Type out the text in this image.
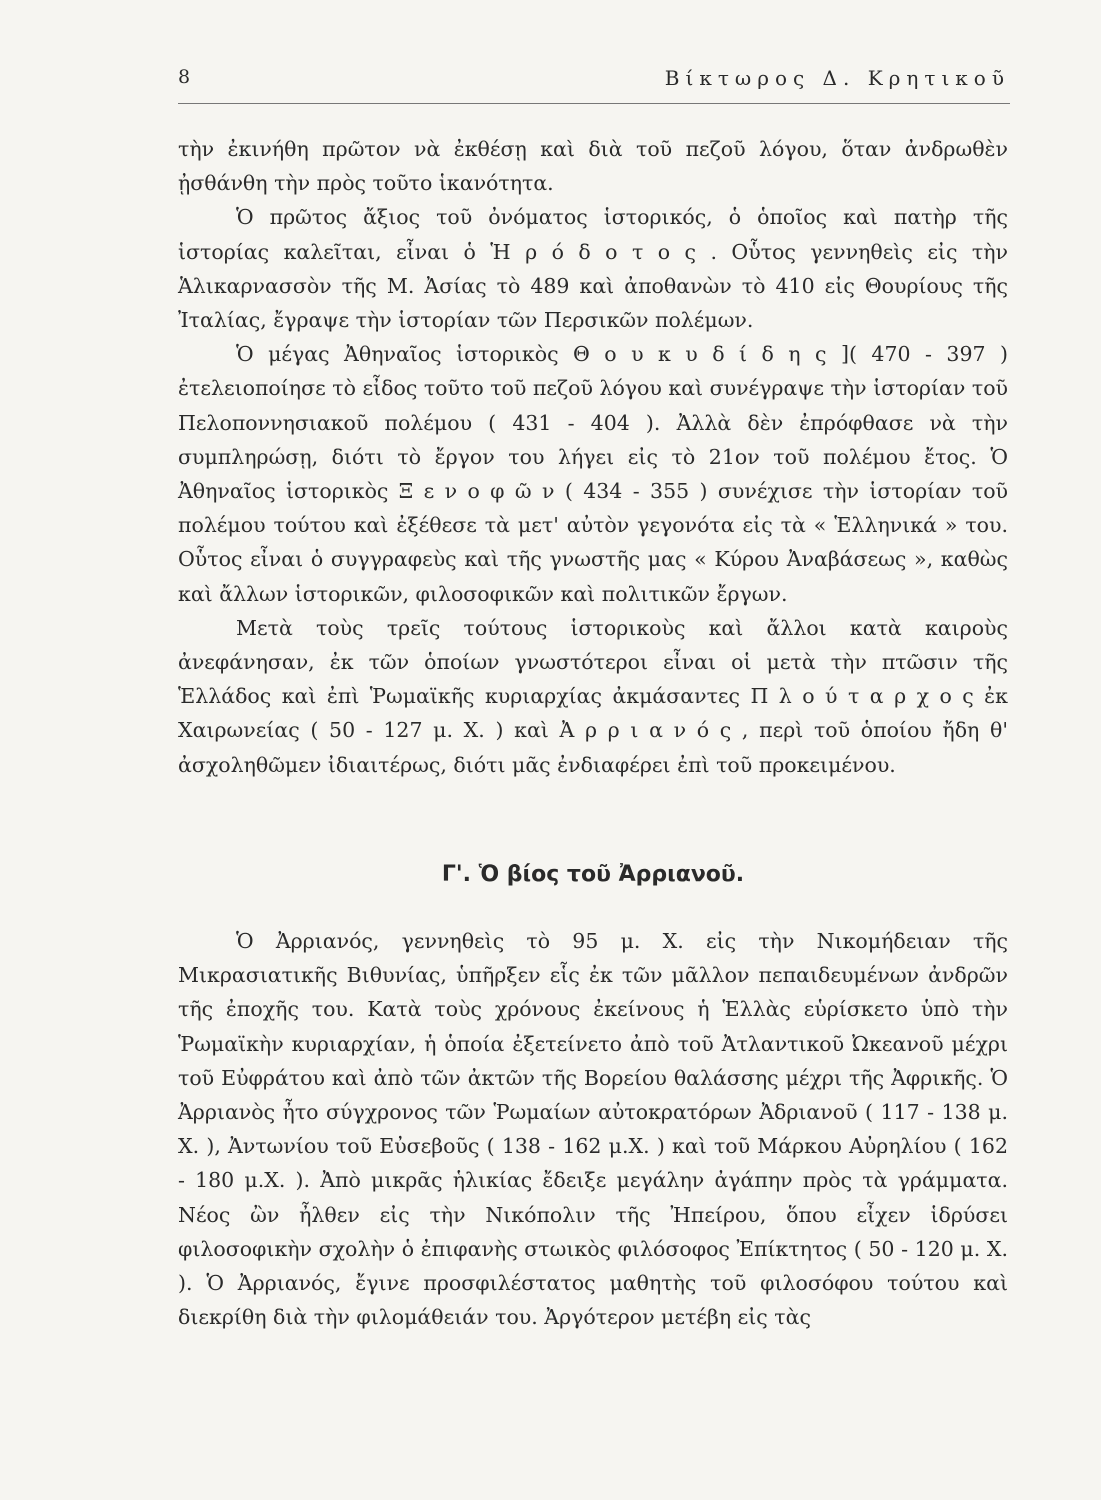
8	Βίκτωρος Δ. Κρητικοῦ

τὴν ἐκινήθη πρῶτον νὰ ἐκθέσῃ καὶ διὰ τοῦ πεζοῦ λόγου, ὅταν ἀνδρωθὲν ᾐσθάνθη τὴν πρὸς τοῦτο ἱκανότητα.

Ὁ πρῶτος ἄξιος τοῦ ὀνόματος ἱστορικός, ὁ ὁποῖος καὶ πατὴρ τῆς ἱστορίας καλεῖται, εἶναι ὁ Ἡ ρ ό δ ο τ ο ς . Οὗτος γεννηθεὶς εἰς τὴν Ἁλικαρνασσὸν τῆς Μ. Ἀσίας τὸ 489 καὶ ἀποθανὼν τὸ 410 εἰς Θουρίους τῆς Ἰταλίας, ἔγραψε τὴν ἱστορίαν τῶν Περσικῶν πολέμων.

Ὁ μέγας Ἀθηναῖος ἱστορικὸς Θ ο υ κ υ δ ί δ η ς ]( 470 - 397 ) ἐτελειοποίησε τὸ εἶδος τοῦτο τοῦ πεζοῦ λόγου καὶ συνέγραψε τὴν ἱστορίαν τοῦ Πελοποννησιακοῦ πολέμου ( 431 - 404 ). Ἀλλὰ δὲν ἐπρόφθασε νὰ τὴν συμπληρώσῃ, διότι τὸ ἔργον του λήγει εἰς τὸ 21ον τοῦ πολέμου ἔτος. Ὁ Ἀθηναῖος ἱστορικὸς Ξ ε ν ο φ ῶ ν ( 434 - 355 ) συνέχισε τὴν ἱστορίαν τοῦ πολέμου τούτου καὶ ἐξέθεσε τὰ μετ' αὐτὸν γεγονότα εἰς τὰ « Ἑλληνικά » του. Οὗτος εἶναι ὁ συγγραφεὺς καὶ τῆς γνωστῆς μας « Κύρου Ἀναβάσεως », καθὼς καὶ ἄλλων ἱστορικῶν, φιλοσοφικῶν καὶ πολιτικῶν ἔργων.

Μετὰ τοὺς τρεῖς τούτους ἱστορικοὺς καὶ ἄλλοι κατὰ καιροὺς ἀνεφάνησαν, ἐκ τῶν ὁποίων γνωστότεροι εἶναι οἱ μετὰ τὴν πτῶσιν τῆς Ἑλλάδος καὶ ἐπὶ Ῥωμαϊκῆς κυριαρχίας ἀκμάσαντες Π λ ο ύ τ α ρ χ ο ς ἐκ Χαιρωνείας ( 50 - 127 μ. Χ. ) καὶ Ἀ ρ ρ ι α ν ό ς , περὶ τοῦ ὁποίου ἤδη θ' ἀσχοληθῶμεν ἰδιαιτέρως, διότι μᾶς ἐνδιαφέρει ἐπὶ τοῦ προκειμένου.

Γ'. Ὁ βίος τοῦ Ἀρριανοῦ.

Ὁ Ἀρριανός, γεννηθεὶς τὸ 95 μ. Χ. εἰς τὴν Νικομήδειαν τῆς Μικρασιατικῆς Βιθυνίας, ὑπῆρξεν εἷς ἐκ τῶν μᾶλλον πεπαιδευμένων ἀνδρῶν τῆς ἐποχῆς του. Κατὰ τοὺς χρόνους ἐκείνους ἡ Ἑλλὰς εὑρίσκετο ὑπὸ τὴν Ῥωμαϊκὴν κυριαρχίαν, ἡ ὁποία ἐξετείνετο ἀπὸ τοῦ Ἀτλαντικοῦ Ὠκεανοῦ μέχρι τοῦ Εὐφράτου καὶ ἀπὸ τῶν ἀκτῶν τῆς Βορείου θαλάσσης μέχρι τῆς Ἀφρικῆς. Ὁ Ἀρριανὸς ἦτο σύγχρονος τῶν Ῥωμαίων αὐτοκρατόρων Ἀδριανοῦ ( 117 - 138 μ. Χ. ), Ἀντωνίου τοῦ Εὐσεβοῦς ( 138 - 162 μ.Χ. ) καὶ τοῦ Μάρκου Αὐρηλίου ( 162 - 180 μ.Χ. ). Ἀπὸ μικρᾶς ἡλικίας ἔδειξε μεγάλην ἀγάπην πρὸς τὰ γράμματα. Νέος ὢν ἦλθεν εἰς τὴν Νικόπολιν τῆς Ἠπείρου, ὅπου εἶχεν ἱδρύσει φιλοσοφικὴν σχολὴν ὁ ἐπιφανὴς στωικὸς φιλόσοφος Ἐπίκτητος ( 50 - 120 μ. Χ. ). Ὁ Ἀρριανός, ἔγινε προσφιλέστατος μαθητὴς τοῦ φιλοσόφου τούτου καὶ διεκρίθη διὰ τὴν φιλομάθειάν του. Ἀργότερον μετέβη εἰς τὰς
